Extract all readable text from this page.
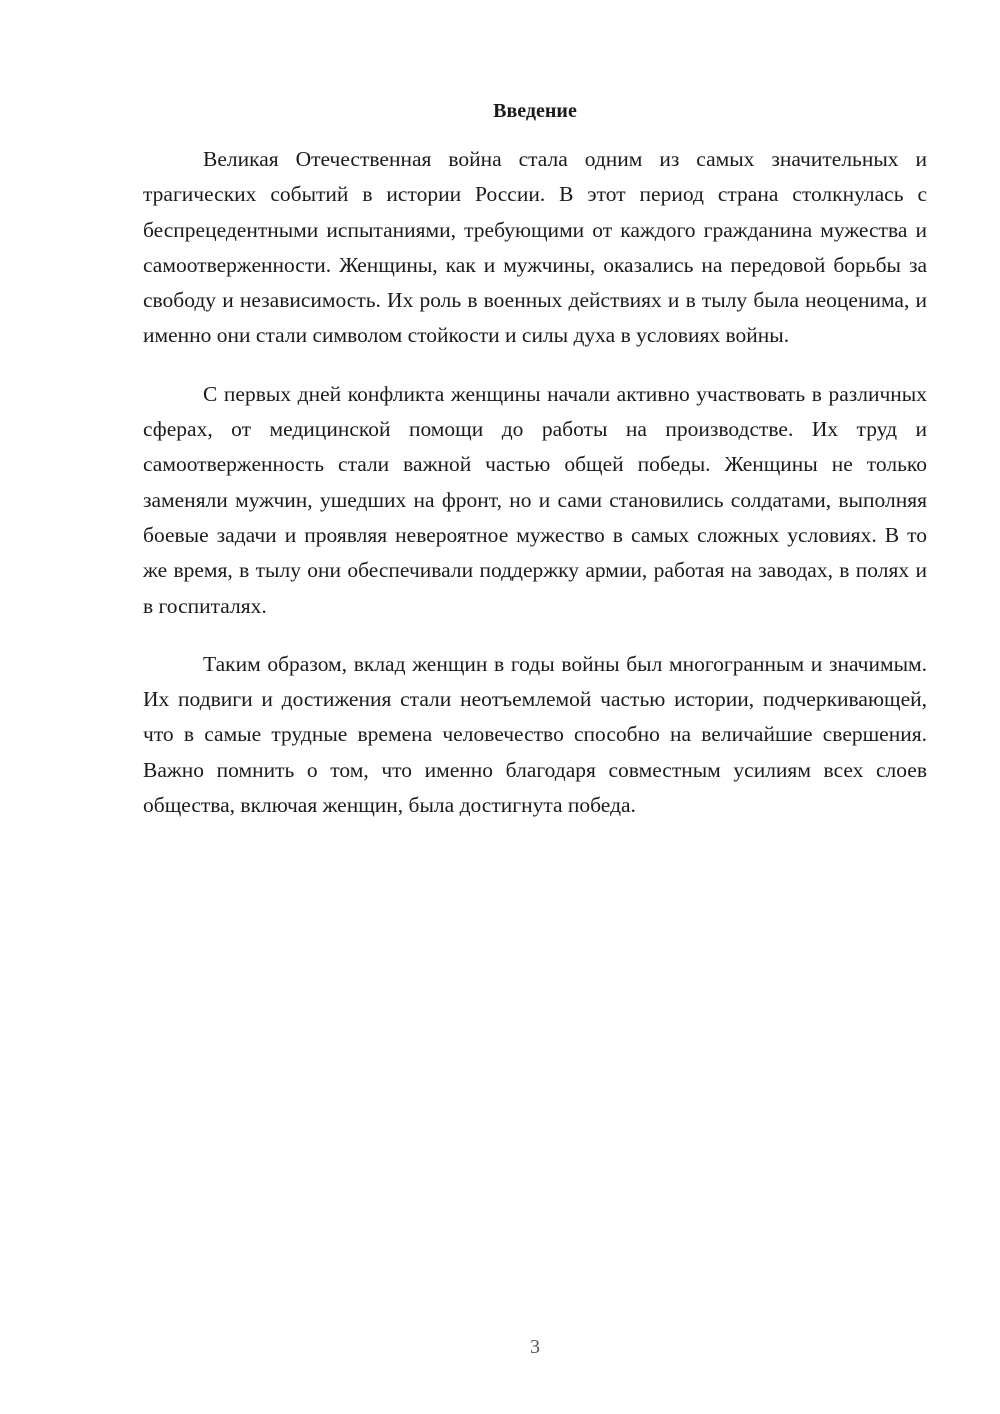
Введение

Великая Отечественная война стала одним из самых значительных и трагических событий в истории России. В этот период страна столкнулась с беспрецедентными испытаниями, требующими от каждого гражданина мужества и самоотверженности. Женщины, как и мужчины, оказались на передовой борьбы за свободу и независимость. Их роль в военных действиях и в тылу была неоценима, и именно они стали символом стойкости и силы духа в условиях войны.

С первых дней конфликта женщины начали активно участвовать в различных сферах, от медицинской помощи до работы на производстве. Их труд и самоотверженность стали важной частью общей победы. Женщины не только заменяли мужчин, ушедших на фронт, но и сами становились солдатами, выполняя боевые задачи и проявляя невероятное мужество в самых сложных условиях. В то же время, в тылу они обеспечивали поддержку армии, работая на заводах, в полях и в госпиталях.

Таким образом, вклад женщин в годы войны был многогранным и значимым. Их подвиги и достижения стали неотъемлемой частью истории, подчеркивающей, что в самые трудные времена человечество способно на величайшие свершения. Важно помнить о том, что именно благодаря совместным усилиям всех слоев общества, включая женщин, была достигнута победа.

3
